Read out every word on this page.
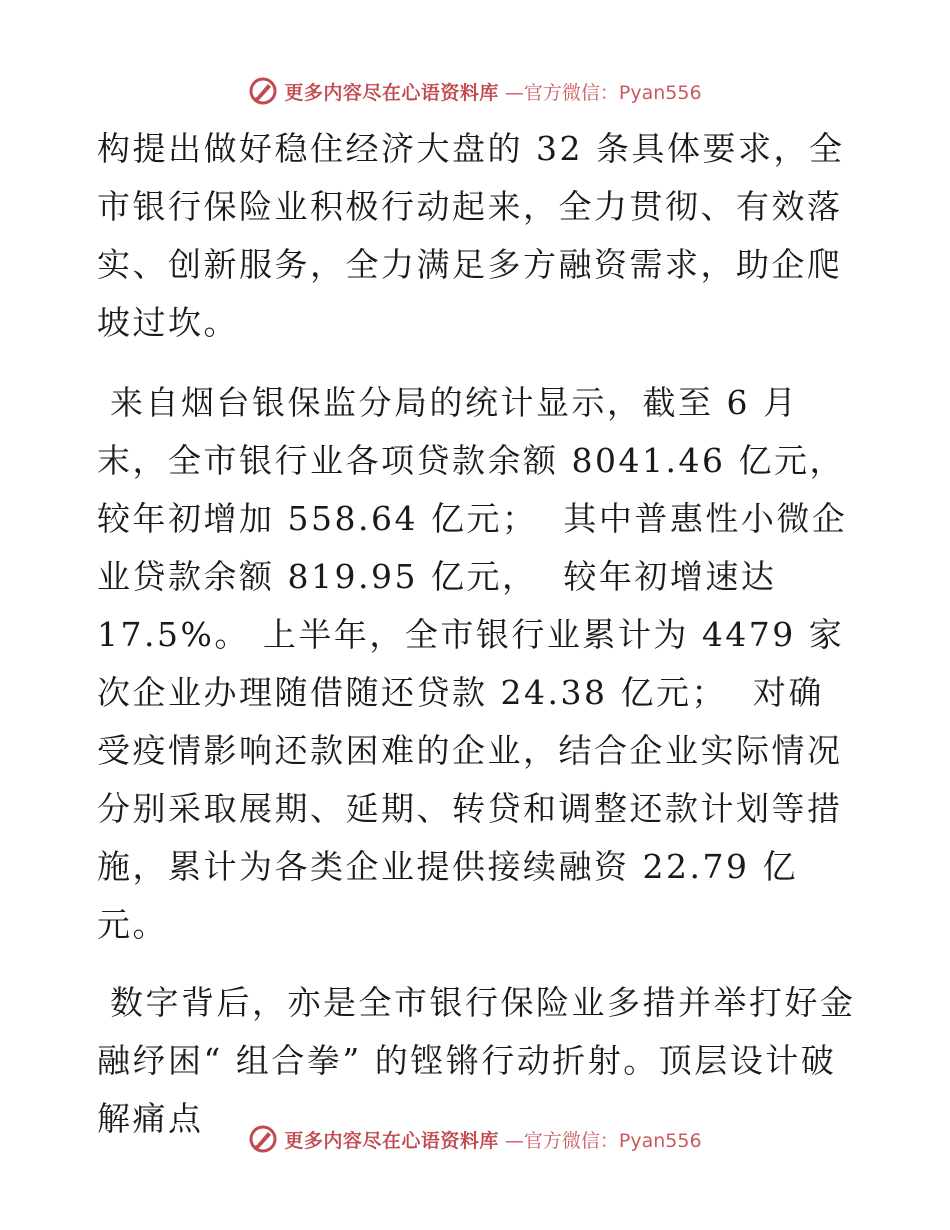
更多内容尽在心语资料库 —官方微信：Pyan556

构提出做好稳住经济大盘的 32 条具体要求，全市银行保险业积极行动起来，全力贯彻、有效落实、创新服务，全力满足多方融资需求，助企爬坡过坎。

来自烟台银保监分局的统计显示，截至 6 月末，全市银行业各项贷款余额 8041.46 亿元，较年初增加 558.64 亿元；  其中普惠性小微企业贷款余额 819.95 亿元，  较年初增速达 17.5%。 上半年，全市银行业累计为 4479 家次企业办理随借随还贷款 24.38 亿元；  对确受疫情影响还款困难的企业，结合企业实际情况分别采取展期、延期、转贷和调整还款计划等措施，累计为各类企业提供接续融资 22.79 亿元。

数字背后，亦是全市银行保险业多措并举打好金融纾困“ 组合拳” 的铿锵行动折射。顶层设计破解痛点

更多内容尽在心语资料库 —官方微信：Pyan556
